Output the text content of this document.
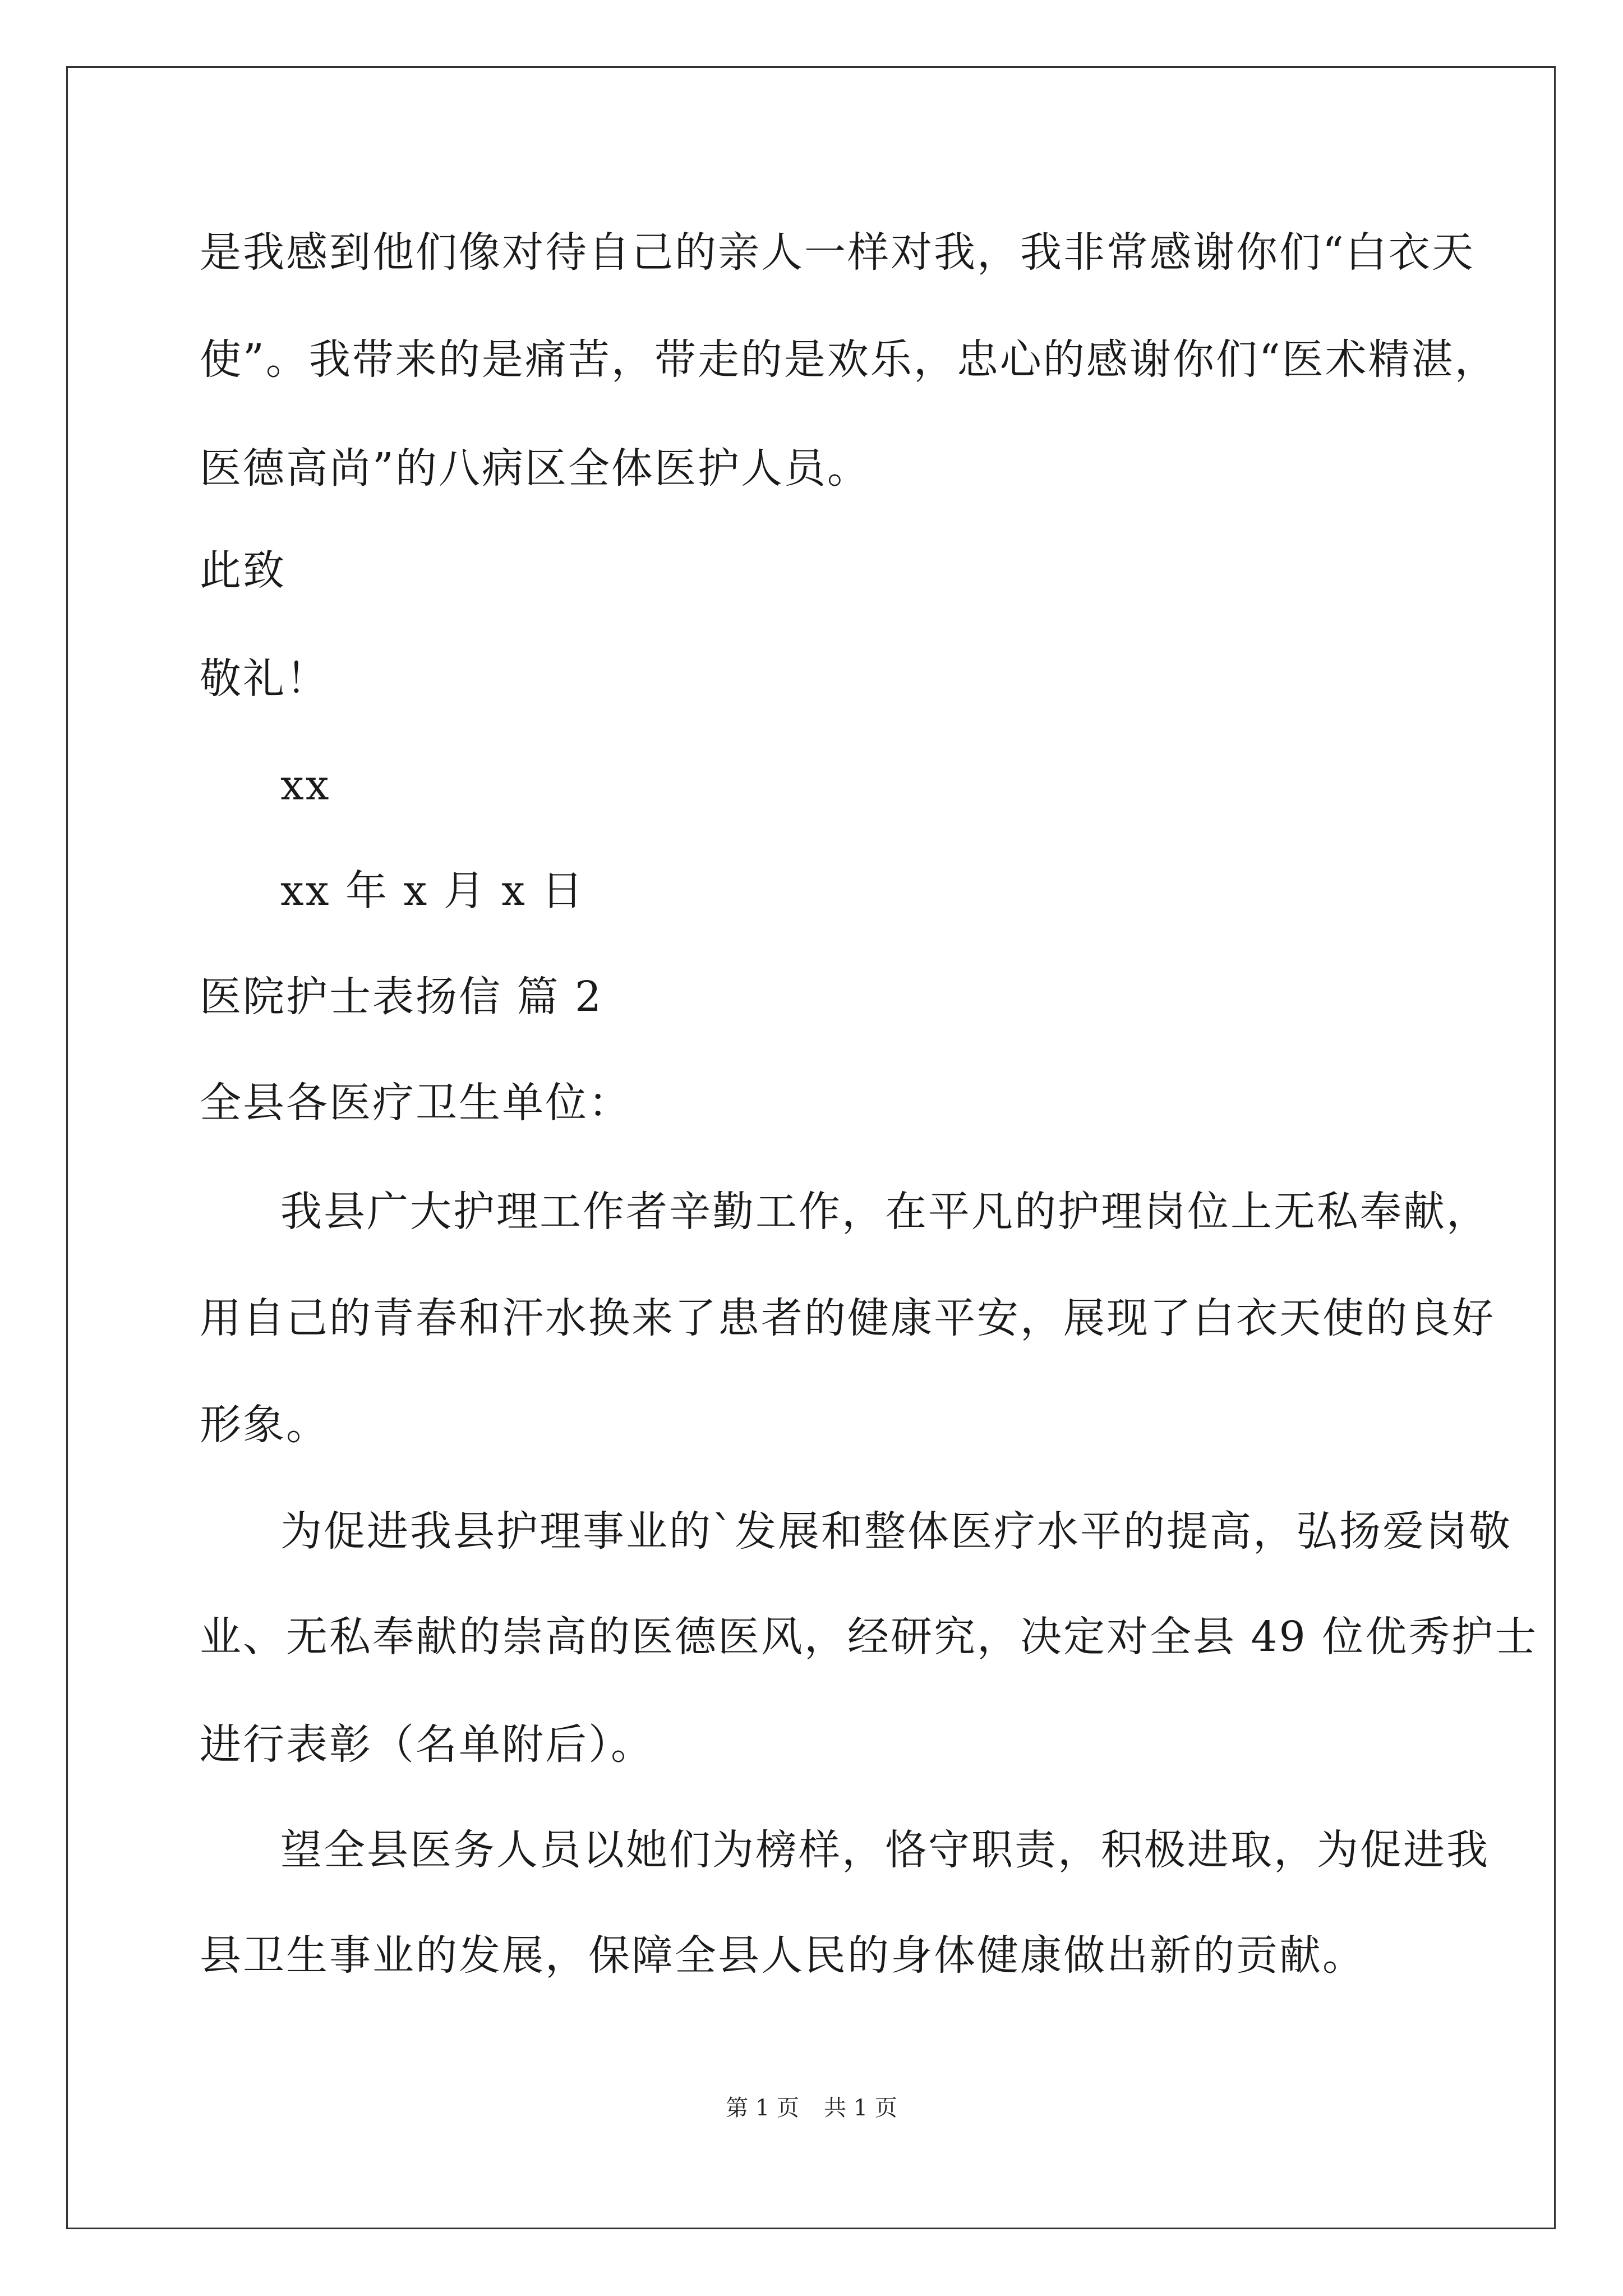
是我感到他们像对待自己的亲人一样对我，我非常感谢你们“白衣天
使”。我带来的是痛苦，带走的是欢乐，忠心的感谢你们“医术精湛，
医德高尚”的八病区全体医护人员。
此致
敬礼！
xx
xx 年 x 月 x 日
医院护士表扬信 篇 2
全县各医疗卫生单位：
我县广大护理工作者辛勤工作，在平凡的护理岗位上无私奉献，
用自己的青春和汗水换来了患者的健康平安，展现了白衣天使的良好
形象。
为促进我县护理事业的`发展和整体医疗水平的提高，弘扬爱岗敬
业、无私奉献的崇高的医德医风，经研究，决定对全县 49 位优秀护士
进行表彰（名单附后）。
望全县医务人员以她们为榜样，恪守职责，积极进取，为促进我
县卫生事业的发展，保障全县人民的身体健康做出新的贡献。
第 1 页 共 1 页
